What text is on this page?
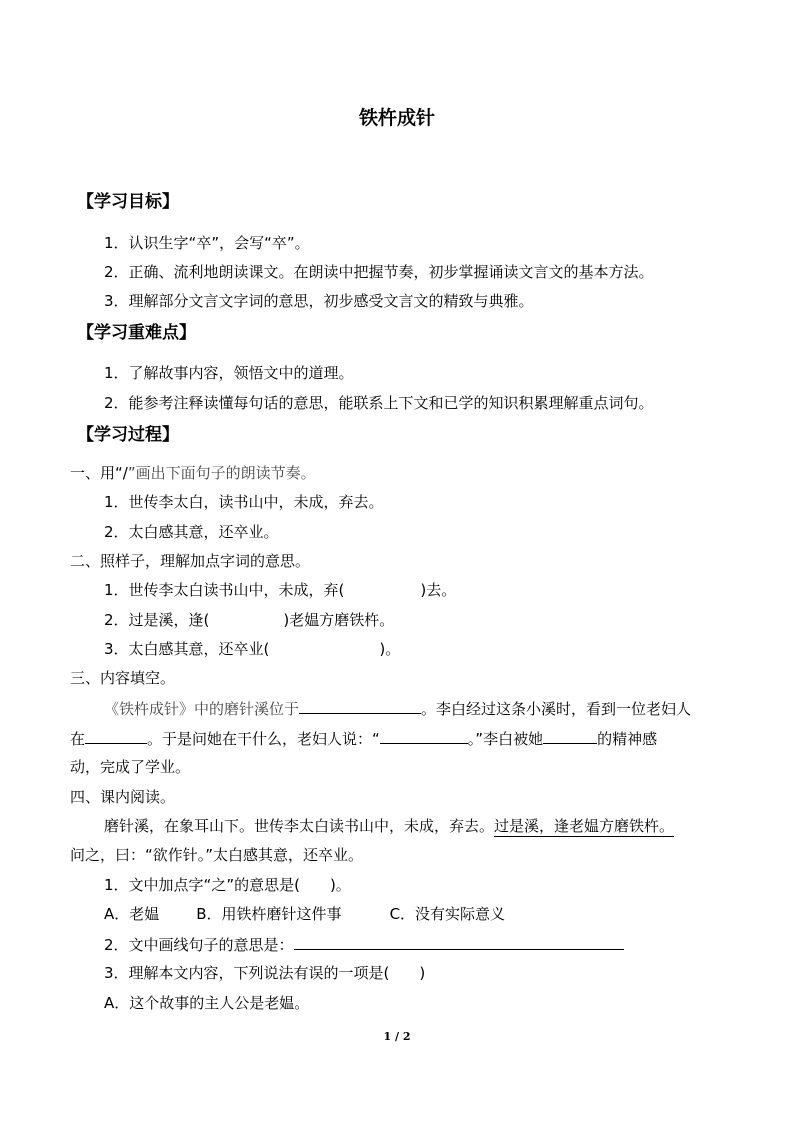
铁杵成针
【学习目标】
1．认识生字“卒”，会写“卒”。
2．正确、流利地朗读课文。在朗读中把握节奏，初步掌握诵读文言文的基本方法。
3．理解部分文言文字词的意思，初步感受文言文的精致与典雅。
【学习重难点】
1．了解故事内容，领悟文中的道理。
2．能参考注释读懂每句话的意思，能联系上下文和已学的知识积累理解重点词句。
【学习过程】
一、用“/”画出下面句子的朗读节奏。
1．世传李太白，读书山中，未成，弃去。
2．太白感其意，还卒业。
二、照样子，理解加点字词的意思。
1．世传李太白读书山中，未成，弃(	)去。
2．过是溪，逢(	)老媪方磨铁杵。
3．太白感其意，还卒业(	)。
三、内容填空。
《铁杵成针》中的磨针溪位于	。李白经过这条小溪时，看到一位老妇人
在	。于是问她在干什么，老妇人说：“	。”李白被她	的精神感
动，完成了学业。
四、课内阅读。
磨针溪，在象耳山下。世传李太白读书山中，未成，弃去。过是溪，逢老媪方磨铁杵。
问之，曰：“欲作针。”太白感其意，还卒业。
1．文中加点字“之”的意思是(　　)。
A．老媪 B．用铁杵磨针这件事	C．没有实际意义
2．文中画线句子的意思是：
3．理解本文内容，下列说法有误的一项是(　　)
A．这个故事的主人公是老媪。
1 / 2
